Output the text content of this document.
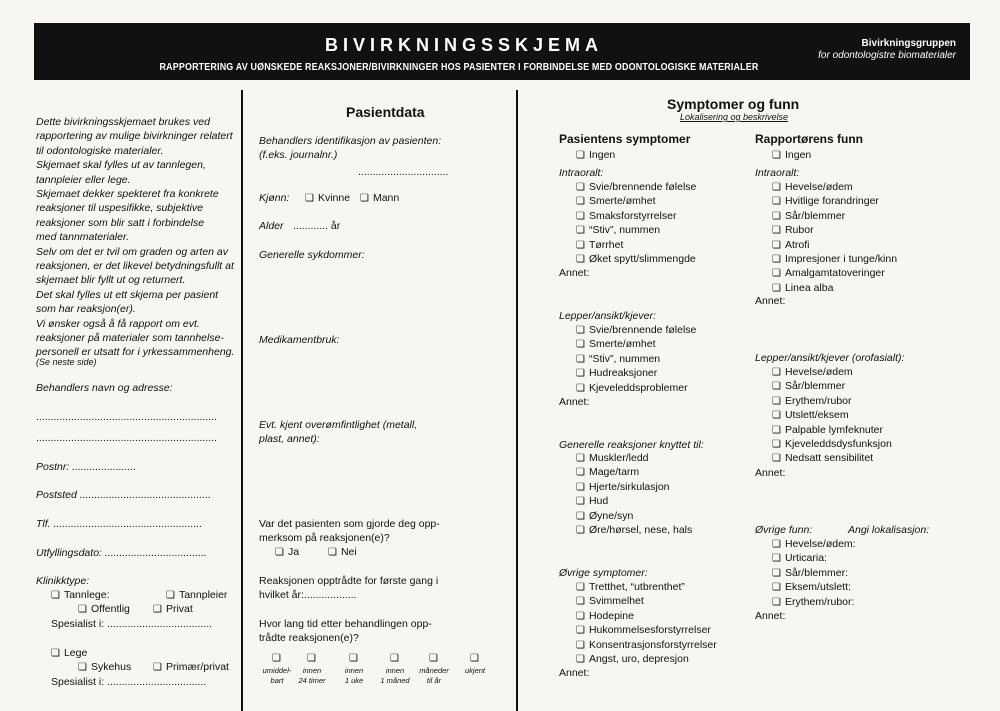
BIVIRKNINGSSKJEMA
RAPPORTERING AV UØNSKEDE REAKSJONER/BIVIRKNINGER HOS PASIENTER I FORBINDELSE MED ODONTOLOGISKE MATERIALER
Bivirkningsgruppen
for odontologistre biomaterialer
Dette bivirkningsskjemaet brukes ved
rapportering av mulige bivirkninger relatert
til odontologiske materialer.
Skjemaet skal fylles ut av tannlegen,
tannpleier eller lege.
Skjemaet dekker spekteret fra konkrete
reaksjoner til uspesifikke, subjektive
reaksjoner som blir satt i forbindelse
med tannmaterialer.
Selv om det er tvil om graden og arten av
reaksjonen, er det likevel betydningsfullt at
skjemaet blir fyllt ut og returnert.
Det skal fylles ut ett skjema per pasient
som har reaksjon(er).
Vi ønsker også å få rapport om evt.
reaksjoner på materialer som tannhelse-
personell er utsatt for i yrkessammenheng.
(Se neste side)
Behandlers navn og adresse:
..............................................................
..............................................................
Postnr: ......................
Poststed .............................................
Tlf. ...................................................
Utfyllingsdato: ...................................
Klinikktype:
❏ Tannlege:	❏ Tannpleier
❏ Offentlig	❏ Privat
Spesialist i: ....................................
❏ Lege
❏ Sykehus	❏ Primær/privat
Spesialist i: ..................................
Pasientdata
Behandlers identifikasjon av pasienten:
(f.eks. journalnr.)
...............................
Kjønn:	❏ Kvinne	❏ Mann
Alder ............ år
Generelle sykdommer:
Medikamentbruk:
Evt. kjent overømfintlighet (metall,
plast, annet):
Var det pasienten som gjorde deg opp-
merksom på reaksjonen(e)?
❏ Ja	❏ Nei
Reaksjonen opptrådte for første gang i
hvilket år:..................
Hvor lang tid etter behandlingen opp-
trådte reaksjonen(e)?
❏
umiddel-
bart
❏
innen
24 timer
❏
innen
1 uke
❏
innen
1 måned
❏
måneder
til år
❏
ukjent
Symptomer og funn
Lokalisering og beskrivelse
Pasientens symptomer	Rapportørens funn
❏ Ingen
Intraoralt:
❏ Svie/brennende følelse
❏ Smerte/ømhet
❏ Smaksforstyrrelser
❏ “Stiv”, nummen
❏ Tørrhet
❏ Øket spytt/slimmengde
Annet:
Lepper/ansikt/kjever:
❏ Svie/brennende følelse
❏ Smerte/ømhet
❏ “Stiv”, nummen
❏ Hudreaksjoner
❏ Kjeveleddsproblemer
Annet:
Generelle reaksjoner knyttet til:
❏ Muskler/ledd
❏ Mage/tarm
❏ Hjerte/sirkulasjon
❏ Hud
❏ Øyne/syn
❏ Øre/hørsel, nese, hals
Øvrige symptomer:
❏ Tretthet, “utbrenthet”
❏ Svimmelhet
❏ Hodepine
❏ Hukommelsesforstyrrelser
❏ Konsentrasjonsforstyrrelser
❏ Angst, uro, depresjon
Annet:
❏ Ingen
Intraoralt:
❏ Hevelse/ødem
❏ Hvitlige forandringer
❏ Sår/blemmer
❏ Rubor
❏ Atrofi
❏ Impresjoner i tunge/kinn
❏ Amalgamtatoveringer
❏ Linea alba
Annet:
Lepper/ansikt/kjever (orofasialt):
❏ Hevelse/ødem
❏ Sår/blemmer
❏ Erythem/rubor
❏ Utslett/eksem
❏ Palpable lymfeknuter
❏ Kjeveleddsdysfunksjon
❏ Nedsatt sensibilitet
Annet:
Øvrige funn:	Angi lokalisasjon:
❏ Hevelse/ødem:
❏ Urticaria:
❏ Sår/blemmer:
❏ Eksem/utslett:
❏ Erythem/rubor:
Annet:
